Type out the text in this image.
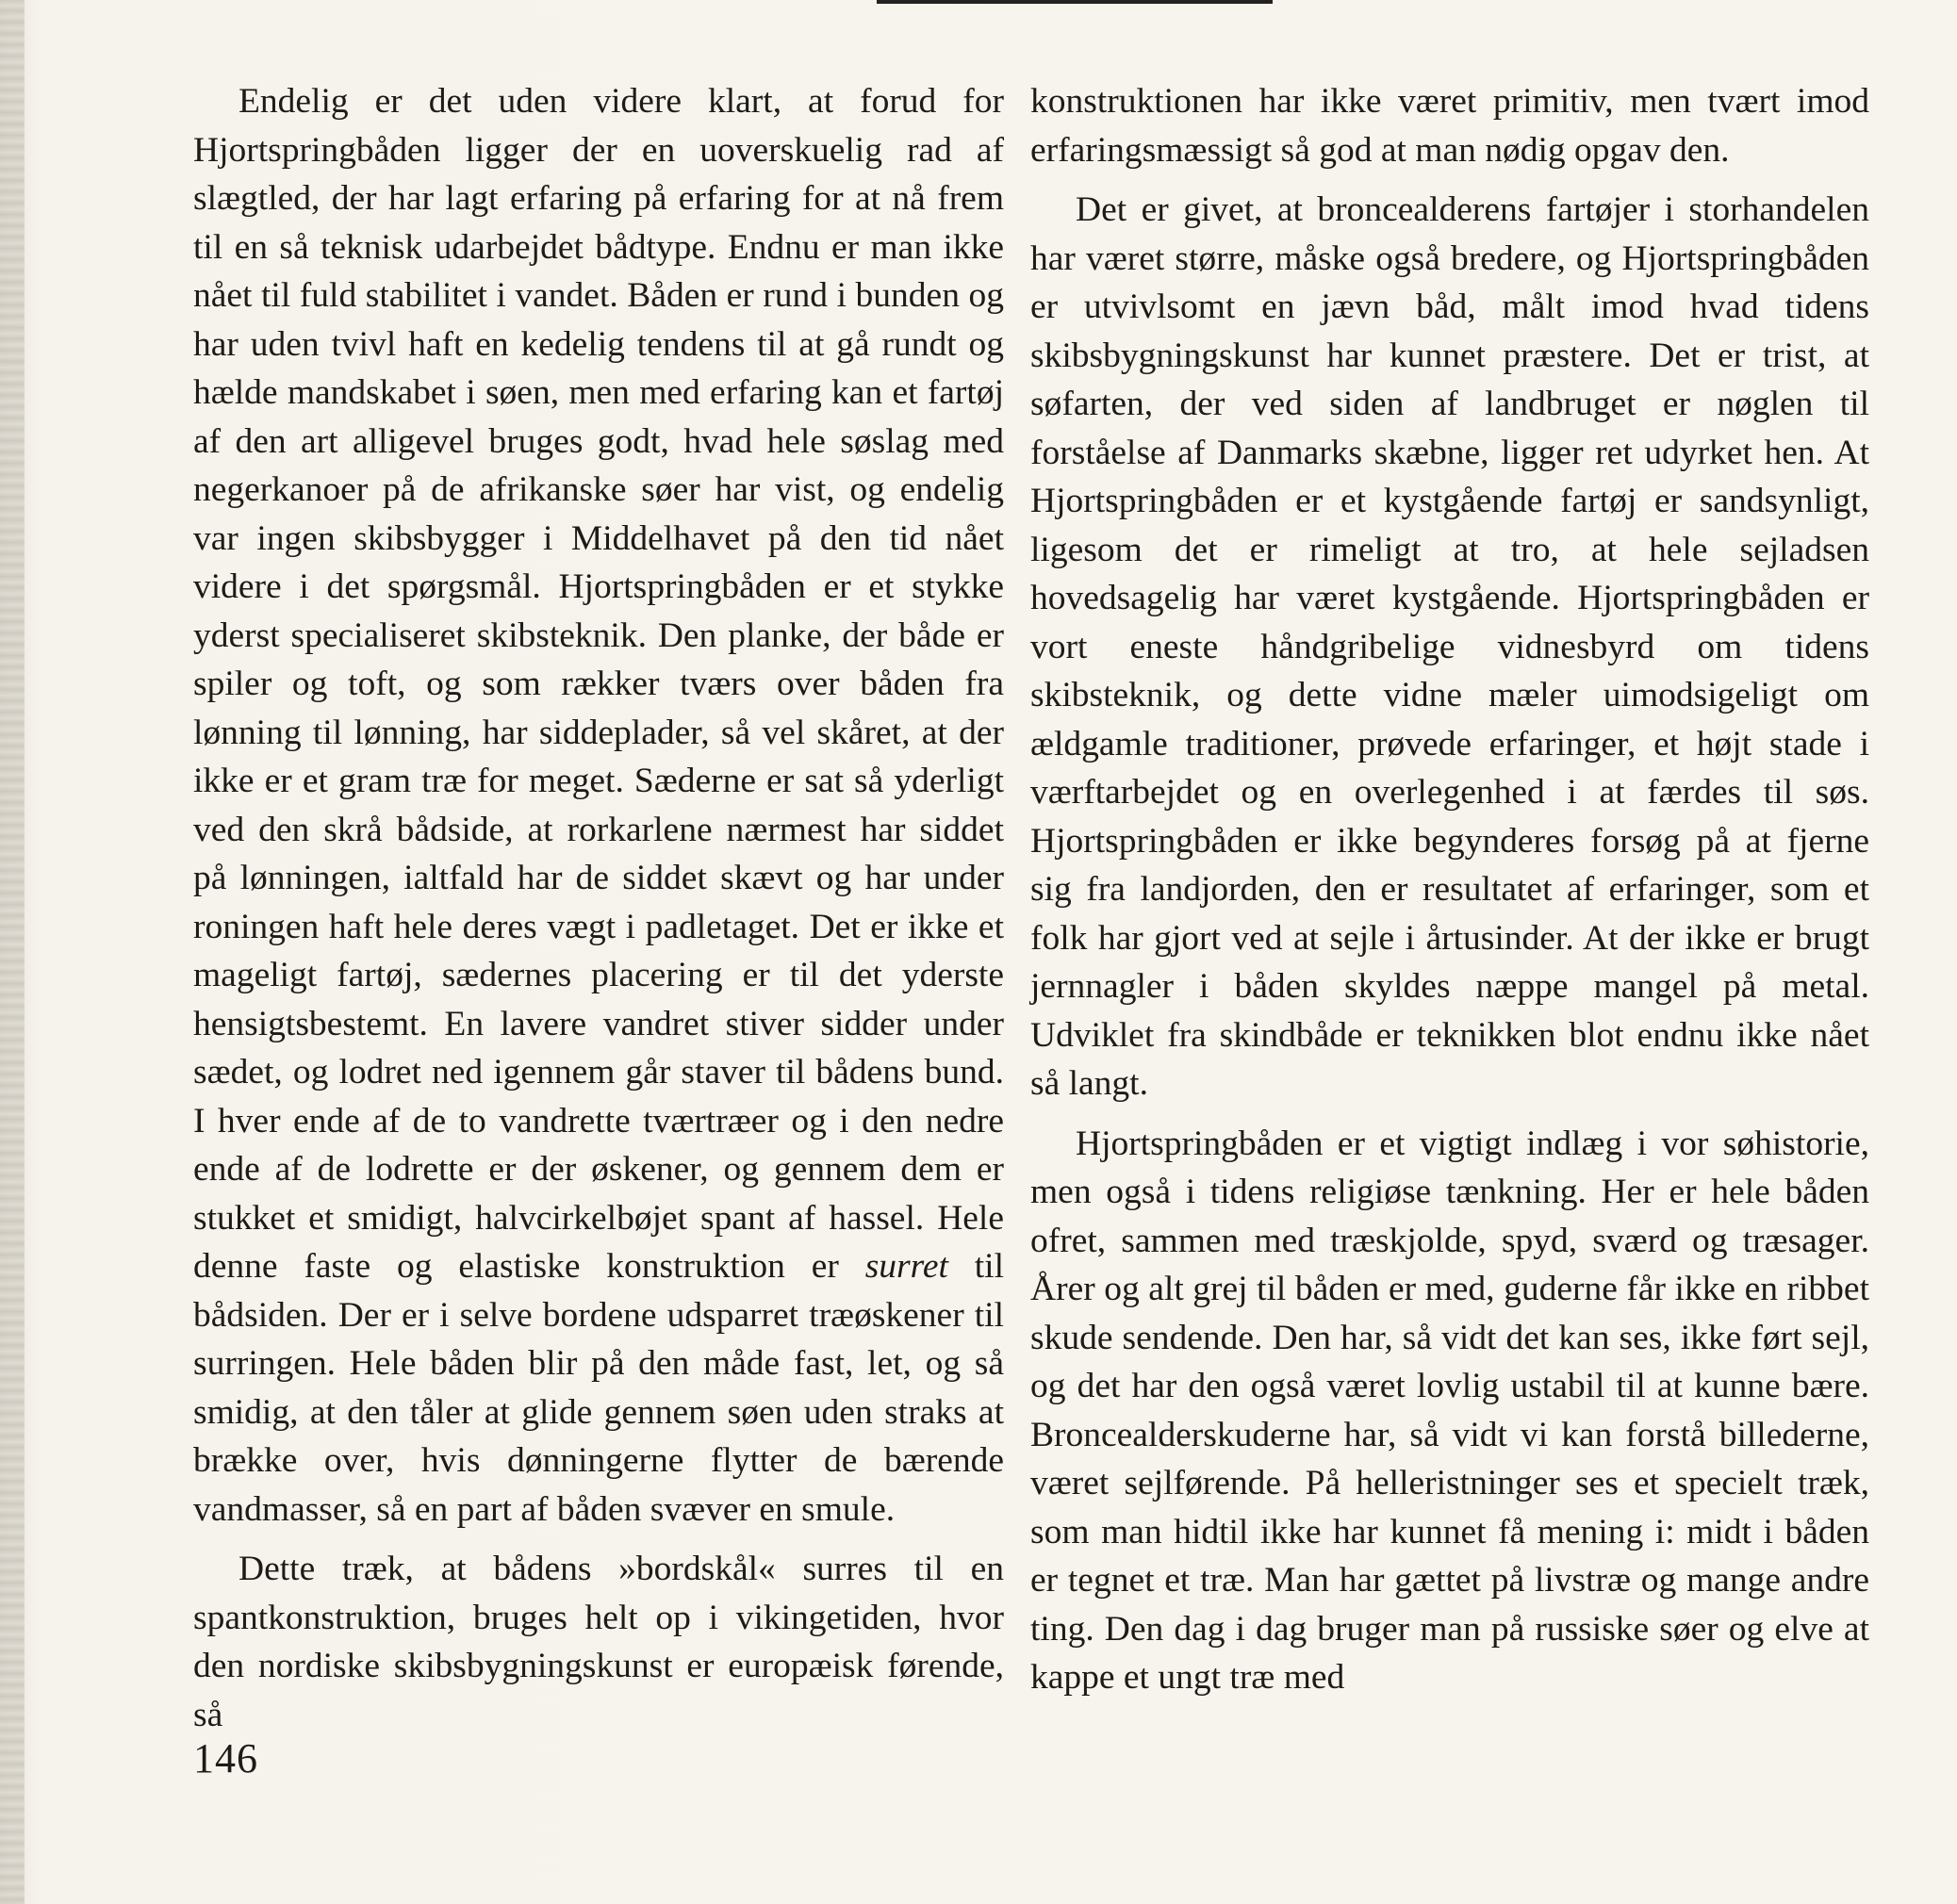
Endelig er det uden videre klart, at forud for Hjortspringbåden ligger der en uoverskuelig rad af slægtled, der har lagt erfaring på erfaring for at nå frem til en så teknisk udarbejdet bådtype. Endnu er man ikke nået til fuld stabilitet i vandet. Båden er rund i bunden og har uden tvivl haft en kedelig tendens til at gå rundt og hælde mandskabet i søen, men med erfaring kan et fartøj af den art alligevel bruges godt, hvad hele søslag med negerkanoer på de afrikanske søer har vist, og endelig var ingen skibsbygger i Middelhavet på den tid nået videre i det spørgsmål. Hjortspringbåden er et stykke yderst specialiseret skibsteknik. Den planke, der både er spiler og toft, og som rækker tværs over båden fra lønning til lønning, har siddeplader, så vel skåret, at der ikke er et gram træ for meget. Sæderne er sat så yderligt ved den skrå bådside, at rorkarlene nærmest har siddet på lønningen, ialtfald har de siddet skævt og har under roningen haft hele deres vægt i padletaget. Det er ikke et mageligt fartøj, sædernes placering er til det yderste hensigtsbestemt. En lavere vandret stiver sidder under sædet, og lodret ned igennem går staver til bådens bund. I hver ende af de to vandrette tværtræer og i den nedre ende af de lodrette er der øskener, og gennem dem er stukket et smidigt, halvcirkelbøjet spant af hassel. Hele denne faste og elastiske konstruktion er surret til bådsiden. Der er i selve bordene udsparret træøskener til surringen. Hele båden blir på den måde fast, let, og så smidig, at den tåler at glide gennem søen uden straks at brække over, hvis dønningerne flytter de bærende vandmasser, så en part af båden svæver en smule.

Dette træk, at bådens »bordskål« surres til en spantkonstruktion, bruges helt op i vikingetiden, hvor den nordiske skibsbygningskunst er europæisk førende, så

konstruktionen har ikke været primitiv, men tvært imod erfaringsmæssigt så god at man nødig opgav den.

Det er givet, at broncealderens fartøjer i storhandelen har været større, måske også bredere, og Hjortspringbåden er utvivlsomt en jævn båd, målt imod hvad tidens skibsbygningskunst har kunnet præstere. Det er trist, at søfarten, der ved siden af landbruget er nøglen til forståelse af Danmarks skæbne, ligger ret udyrket hen. At Hjortspringbåden er et kystgående fartøj er sandsynligt, ligesom det er rimeligt at tro, at hele sejladsen hovedsagelig har været kystgående. Hjortspringbåden er vort eneste håndgribelige vidnesbyrd om tidens skibsteknik, og dette vidne mæler uimodsigeligt om ældgamle traditioner, prøvede erfaringer, et højt stade i værftarbejdet og en overlegenhed i at færdes til søs. Hjortspringbåden er ikke begynderes forsøg på at fjerne sig fra landjorden, den er resultatet af erfaringer, som et folk har gjort ved at sejle i årtusinder. At der ikke er brugt jernnagler i båden skyldes næppe mangel på metal. Udviklet fra skindbåde er teknikken blot endnu ikke nået så langt.

Hjortspringbåden er et vigtigt indlæg i vor søhistorie, men også i tidens religiøse tænkning. Her er hele båden ofret, sammen med træskjolde, spyd, sværd og træsager. Årer og alt grej til båden er med, guderne får ikke en ribbet skude sendende. Den har, så vidt det kan ses, ikke ført sejl, og det har den også været lovlig ustabil til at kunne bære. Broncealderskuderne har, så vidt vi kan forstå billederne, været sejlførende. På helleristninger ses et specielt træk, som man hidtil ikke har kunnet få mening i: midt i båden er tegnet et træ. Man har gættet på livstræ og mange andre ting. Den dag i dag bruger man på russiske søer og elve at kappe et ungt træ med

146
